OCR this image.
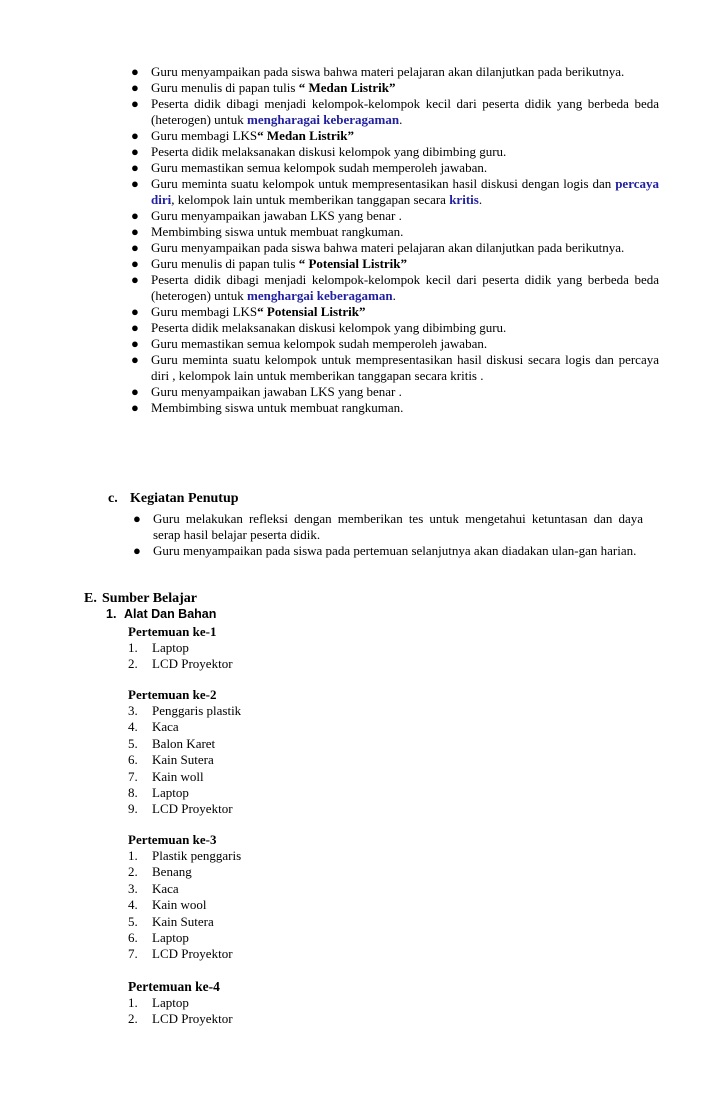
● Guru menyampaikan pada siswa bahwa materi pelajaran akan dilanjutkan pada berikutnya.
● Guru menulis di papan tulis “ Medan Listrik”
● Peserta didik dibagi menjadi kelompok-kelompok kecil dari peserta didik yang berbeda beda (heterogen) untuk mengharagai keberagaman.
● Guru membagi LKS“ Medan Listrik”
● Peserta didik melaksanakan diskusi kelompok yang dibimbing guru.
● Guru memastikan semua kelompok sudah memperoleh jawaban.
● Guru meminta suatu kelompok untuk mempresentasikan hasil diskusi dengan logis dan percaya diri, kelompok lain untuk memberikan tanggapan secara kritis.
● Guru menyampaikan jawaban LKS yang benar .
● Membimbing siswa untuk membuat rangkuman.
● Guru menyampaikan pada siswa bahwa materi pelajaran akan dilanjutkan pada berikutnya.
● Guru menulis di papan tulis “ Potensial Listrik”
● Peserta didik dibagi menjadi kelompok-kelompok kecil dari peserta didik yang berbeda beda (heterogen) untuk menghargai keberagaman.
● Guru membagi LKS“ Potensial Listrik”
● Peserta didik melaksanakan diskusi kelompok yang dibimbing guru.
● Guru memastikan semua kelompok sudah memperoleh jawaban.
● Guru meminta suatu kelompok untuk mempresentasikan hasil diskusi secara logis dan percaya diri , kelompok lain untuk memberikan tanggapan secara kritis .
● Guru menyampaikan jawaban LKS yang benar .
● Membimbing siswa untuk membuat rangkuman.
c. Kegiatan Penutup
● Guru melakukan refleksi dengan memberikan tes untuk mengetahui ketuntasan dan daya serap hasil belajar peserta didik.
● Guru menyampaikan pada siswa pada pertemuan selanjutnya akan diadakan ulan-gan harian.
E. Sumber Belajar
1. Alat Dan Bahan
Pertemuan ke-1
1. Laptop
2. LCD Proyektor
Pertemuan ke-2
3. Penggaris plastik
4. Kaca
5. Balon Karet
6. Kain Sutera
7. Kain woll
8. Laptop
9. LCD Proyektor
Pertemuan ke-3
1. Plastik penggaris
2. Benang
3. Kaca
4. Kain wool
5. Kain Sutera
6. Laptop
7. LCD Proyektor
Pertemuan ke-4
1. Laptop
2. LCD Proyektor
